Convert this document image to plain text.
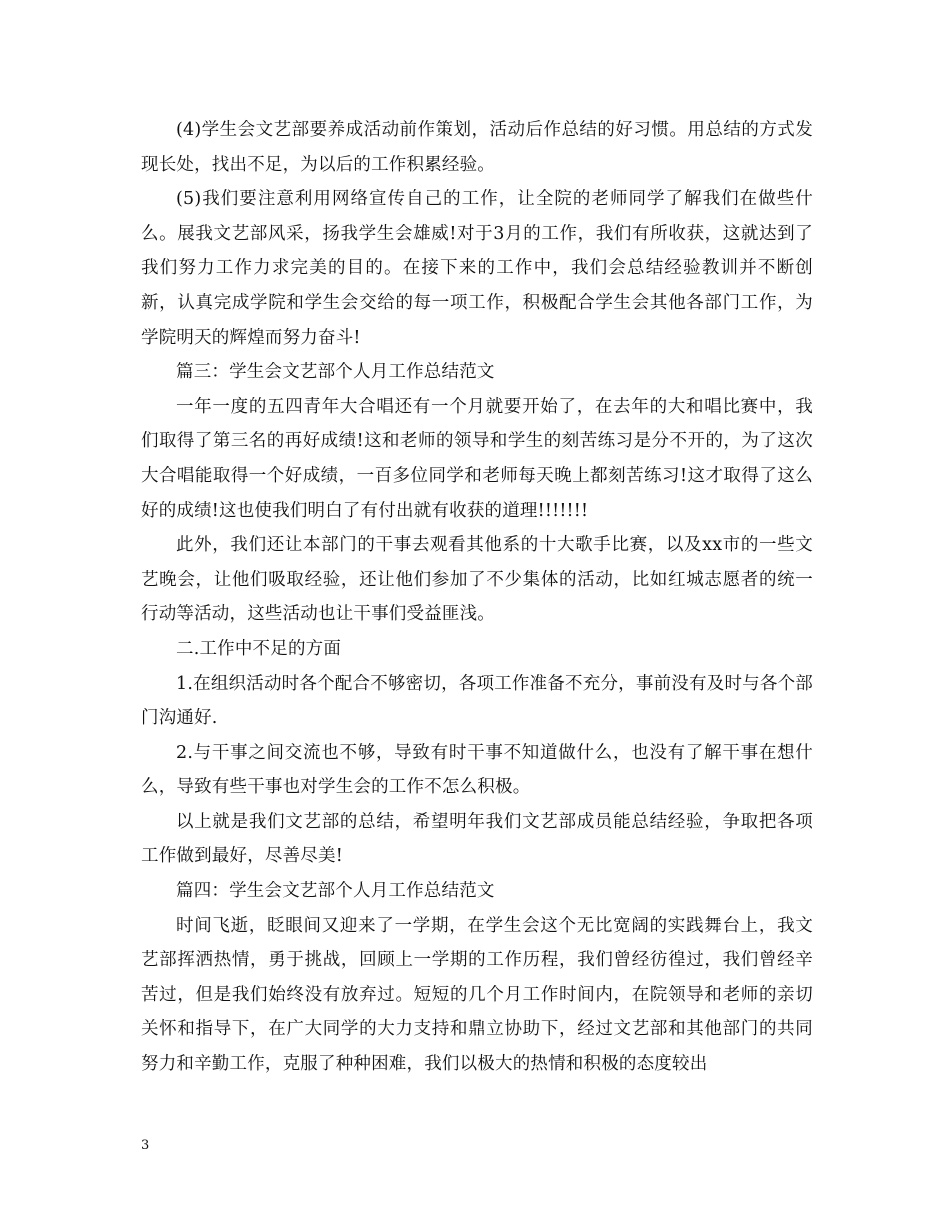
(4)学生会文艺部要养成活动前作策划，活动后作总结的好习惯。用总结的方式发现长处，找出不足，为以后的工作积累经验。

(5)我们要注意利用网络宣传自己的工作，让全院的老师同学了解我们在做些什么。展我文艺部风采，扬我学生会雄威!对于3月的工作，我们有所收获，这就达到了我们努力工作力求完美的目的。在接下来的工作中，我们会总结经验教训并不断创新，认真完成学院和学生会交给的每一项工作，积极配合学生会其他各部门工作，为学院明天的辉煌而努力奋斗!

篇三：学生会文艺部个人月工作总结范文

一年一度的五四青年大合唱还有一个月就要开始了，在去年的大和唱比赛中，我们取得了第三名的再好成绩!这和老师的领导和学生的刻苦练习是分不开的，为了这次大合唱能取得一个好成绩，一百多位同学和老师每天晚上都刻苦练习!这才取得了这么好的成绩!这也使我们明白了有付出就有收获的道理!!!!!!!

此外，我们还让本部门的干事去观看其他系的十大歌手比赛，以及xx市的一些文艺晚会，让他们吸取经验，还让他们参加了不少集体的活动，比如红城志愿者的统一行动等活动，这些活动也让干事们受益匪浅。

二.工作中不足的方面

1.在组织活动时各个配合不够密切，各项工作准备不充分，事前没有及时与各个部门沟通好.

2.与干事之间交流也不够，导致有时干事不知道做什么，也没有了解干事在想什么，导致有些干事也对学生会的工作不怎么积极。

以上就是我们文艺部的总结，希望明年我们文艺部成员能总结经验，争取把各项工作做到最好，尽善尽美!

篇四：学生会文艺部个人月工作总结范文

时间飞逝，眨眼间又迎来了一学期，在学生会这个无比宽阔的实践舞台上，我文艺部挥洒热情，勇于挑战，回顾上一学期的工作历程，我们曾经彷徨过，我们曾经辛苦过，但是我们始终没有放弃过。短短的几个月工作时间内，在院领导和老师的亲切关怀和指导下，在广大同学的大力支持和鼎立协助下，经过文艺部和其他部门的共同努力和辛勤工作，克服了种种困难，我们以极大的热情和积极的态度较出

3
